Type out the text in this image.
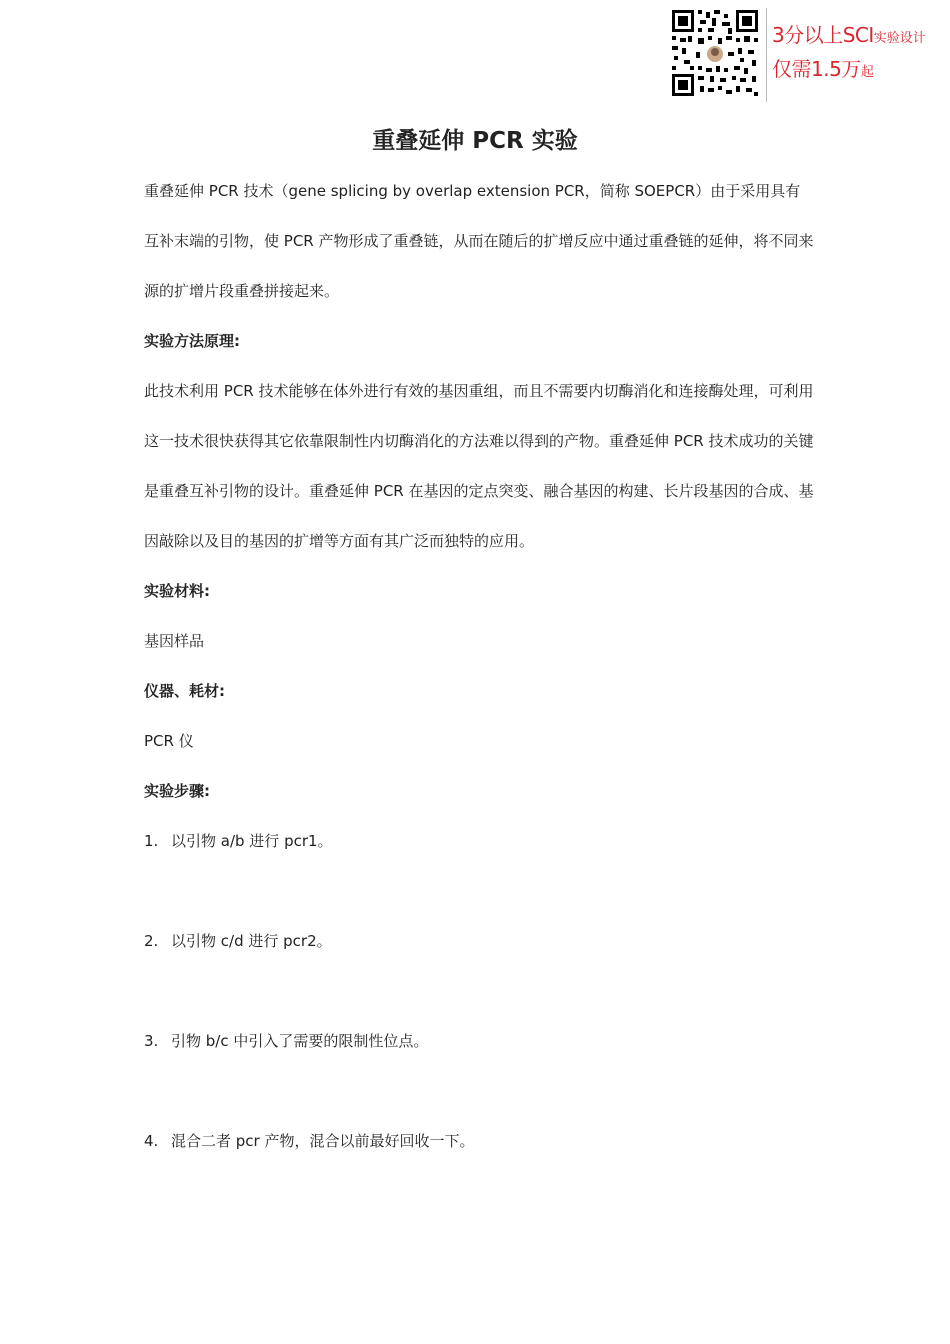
3分以上SCI实验设计
仅需1.5万起
重叠延伸 PCR 实验

重叠延伸 PCR 技术（gene splicing by overlap extension PCR，简称 SOEPCR）由于采用具有互补末端的引物，使 PCR 产物形成了重叠链，从而在随后的扩增反应中通过重叠链的延伸，将不同来源的扩增片段重叠拼接起来。

实验方法原理:

此技术利用 PCR 技术能够在体外进行有效的基因重组，而且不需要内切酶消化和连接酶处理，可利用这一技术很快获得其它依靠限制性内切酶消化的方法难以得到的产物。重叠延伸 PCR 技术成功的关键是重叠互补引物的设计。重叠延伸 PCR 在基因的定点突变、融合基因的构建、长片段基因的合成、基因敲除以及目的基因的扩增等方面有其广泛而独特的应用。

实验材料:

基因样品

仪器、耗材:

PCR 仪

实验步骤:

1. 以引物 a/b 进行 pcr1。
2. 以引物 c/d 进行 pcr2。
3. 引物 b/c 中引入了需要的限制性位点。
4. 混合二者 pcr 产物，混合以前最好回收一下。
